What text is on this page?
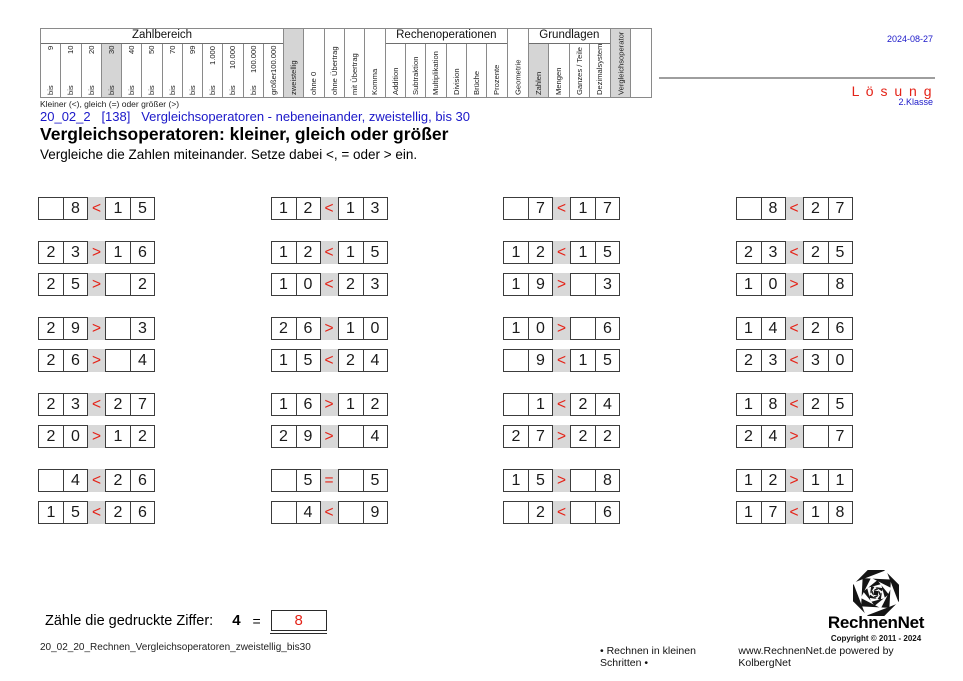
Zahlbereich
bis
9
bis
10
bis
20
bis
30
bis
40
bis
50
bis
70
bis
99
bis
1.000
bis
10.000
bis
100.000
größer
100.000
zweistellig	ohne 0	ohne Übertrag	mit Übertrag	Komma
Rechenoperationen
Addition	Subtraktion	Multiplikation	Division	Brüche	Prozente	Geometrie
Grundlagen
Zahlen	Mengen	Ganzes / Teile	Dezimalsystem	Vergleichsoperator	2024-08-27
L ö s u n g
2.Klasse
Kleiner (<), gleich (=) oder größer (>)
20_02_2   [138]   Vergleichsoperatoren - nebeneinander, zweistellig, bis 30
Vergleichsoperatoren: kleiner, gleich oder größer
Vergleiche die Zahlen miteinander. Setze dabei <, = oder > ein.
8 < 1 5
2 3 > 1 6
2 5 >	2
2 9 >	3
2 6 >	4
2 3 < 2 7
2 0 > 1 2
4 < 2 6
1 5 < 2 6
1 2 < 1 3
1 2 < 1 5
1 0 < 2 3
2 6 > 1 0
1 5 < 2 4
1 6 > 1 2
2 9 >	4
5 =	5
4 <	9
7 < 1 7
1 2 < 1 5
1 9 >	3
1 0 >	6
9 < 1 5
1 < 2 4
2 7 > 2 2
1 5 >	8
2 <	6
8 < 2 7
2 3 < 2 5
1 0 >	8
1 4 < 2 6
2 3 < 3 0
1 8 < 2 5
2 4 >	7
1 2 > 1 1
1 7 < 1 8
Zähle die gedruckte Ziffer: 4 =	8
20_02_20_Rechnen_Vergleichsoperatoren_zweistellig_bis30
RechnenNet
Copyright © 2011 - 2024
• Rechnen in kleinen Schritten •
www.RechnenNet.de powered by KolbergNet
